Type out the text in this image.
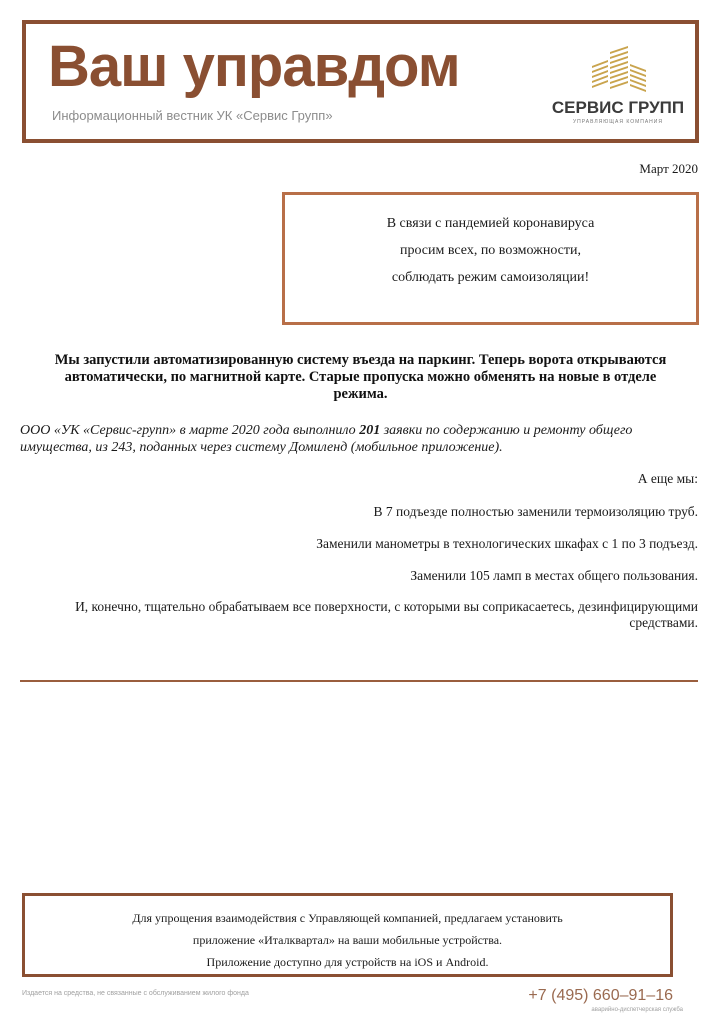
Ваш управдом
Информационный вестник УК «Сервис Групп»	СЕРВИС ГРУПП
УПРАВЛЯЮЩАЯ КОМПАНИЯ
Март 2020

В связи с пандемией коронавируса

просим всех, по возможности,

соблюдать режим самоизоляции!

Мы запустили автоматизированную систему въезда на паркинг. Теперь ворота открываются
автоматически, по магнитной карте. Старые пропуска можно обменять на новые в отделе
режима.
ООО «УК «Сервис-групп» в марте 2020 года выполнило 201 заявки по содержанию и ремонту общего имущества, из 243, поданных через систему Домиленд (мобильное приложение).
А еще мы:
В 7 подъезде полностью заменили термоизоляцию труб.
Заменили манометры в технологических шкафах с 1 по 3 подъезд.
Заменили 105 ламп в местах общего пользования.
И, конечно, тщательно обрабатываем все поверхности, с которыми вы соприкасаетесь, дезинфицирующими средствами.

Для упрощения взаимодействия с Управляющей компанией, предлагаем установить

приложение «Италквартал» на ваши мобильные устройства.

Приложение доступно для устройств на iOS и Android.

Издается на средства, не связанные с обслуживанием жилого фонда	+7 (495) 660–91–16
аварийно-диспетчерская служба
